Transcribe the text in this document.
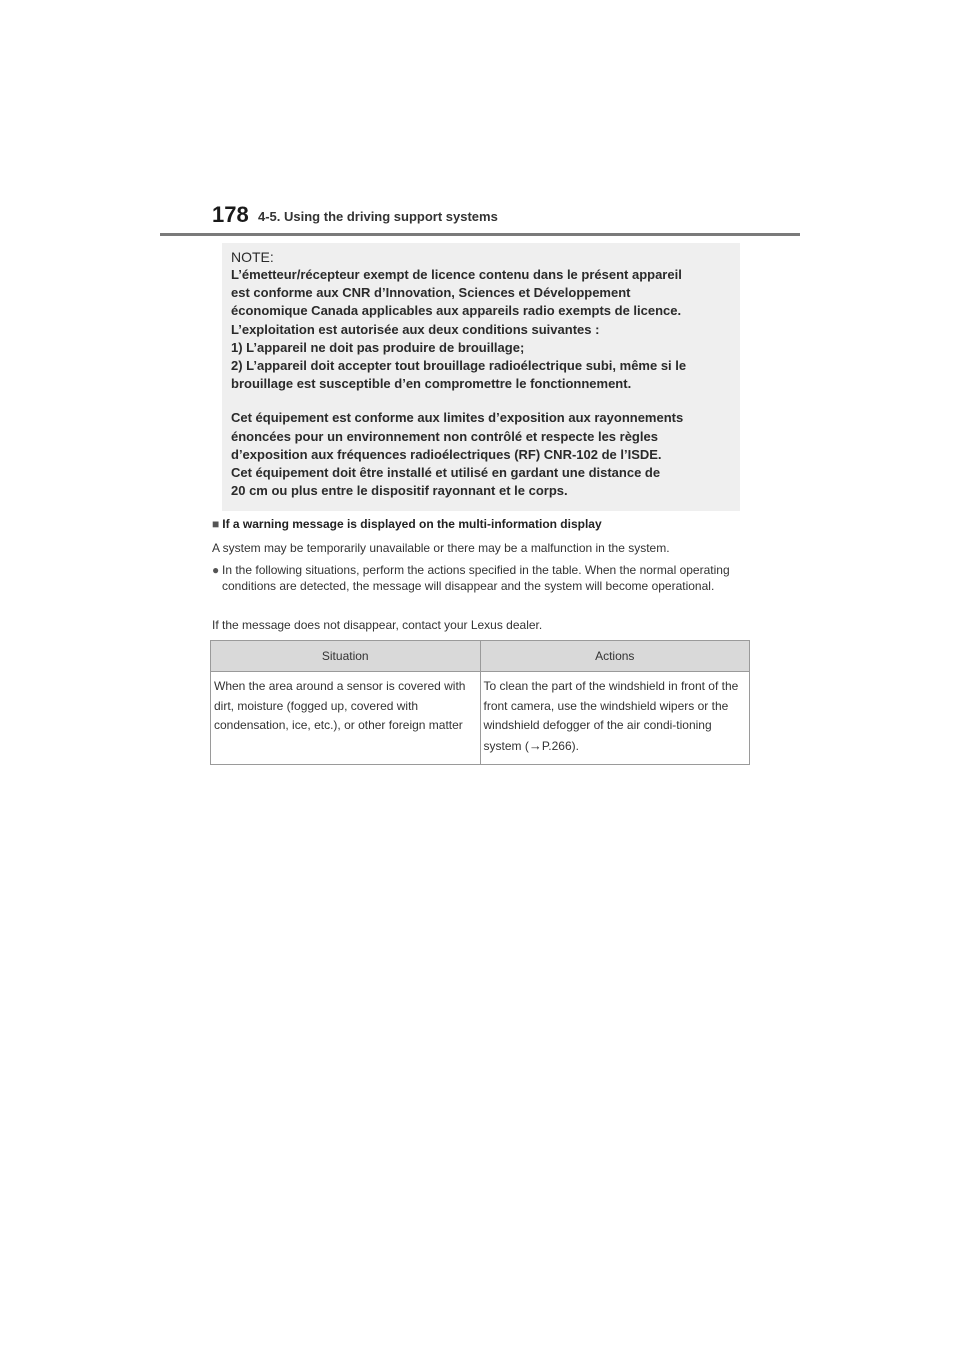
178 4-5. Using the driving support systems

NOTE:

L’émetteur/récepteur exempt de licence contenu dans le présent appareil

est conforme aux CNR d’Innovation, Sciences et Développement

économique Canada applicables aux appareils radio exempts de licence.

L’exploitation est autorisée aux deux conditions suivantes :

1) L’appareil ne doit pas produire de brouillage;

2) L’appareil doit accepter tout brouillage radioélectrique subi, même si le

brouillage est susceptible d’en compromettre le fonctionnement.

Cet équipement est conforme aux limites d’exposition aux rayonnements

énoncées pour un environnement non contrôlé et respecte les règles

d’exposition aux fréquences radioélectriques (RF) CNR-102 de l’ISDE.

Cet équipement doit être installé et utilisé en gardant une distance de

20 cm ou plus entre le dispositif rayonnant et le corps.

■ If a warning message is displayed on the multi-information display
A system may be temporarily unavailable or there may be a malfunction in the system.
● In the following situations, perform the actions specified in the table. When the normal operating conditions are detected, the message will disappear and the system will become operational.
If the message does not disappear, contact your Lexus dealer.
Situation	Actions
When the area around a sensor is covered with dirt, moisture (fogged up, covered with condensation, ice, etc.), or other foreign matter	To clean the part of the windshield in front of the front camera, use the windshield wipers or the windshield defogger of the air condi-tioning system (→P.266).
